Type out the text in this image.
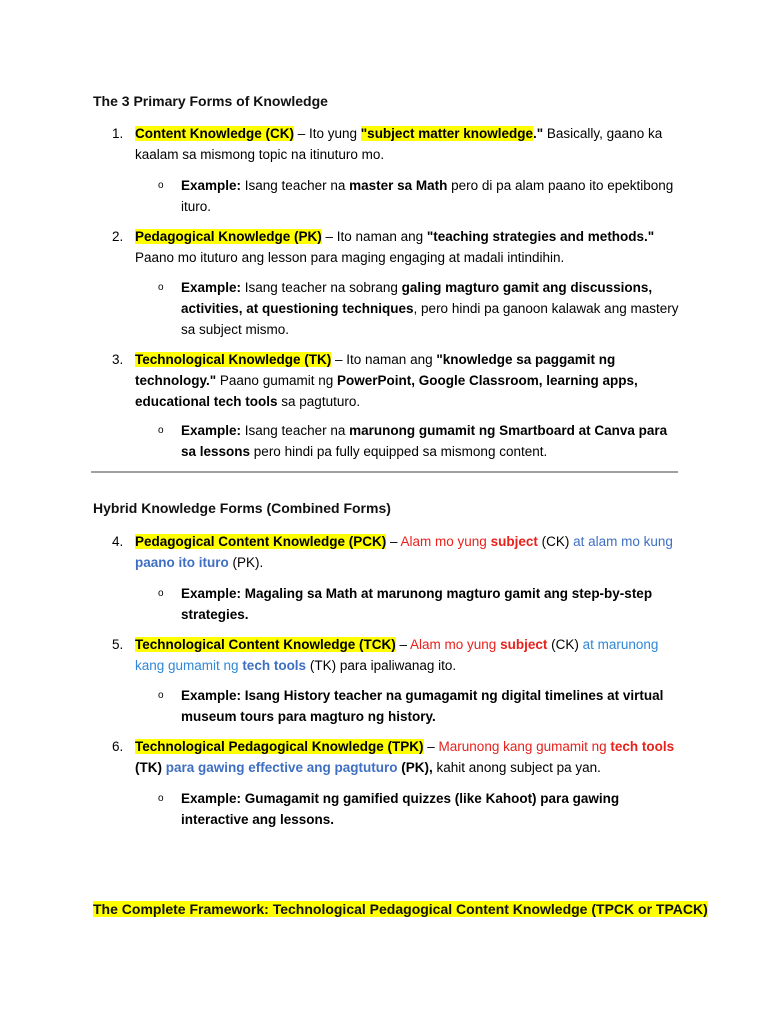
The 3 Primary Forms of Knowledge
1. Content Knowledge (CK) – Ito yung "subject matter knowledge." Basically, gaano ka kaalam sa mismong topic na itinuturo mo.
o Example: Isang teacher na master sa Math pero di pa alam paano ito epektibong ituro.
2. Pedagogical Knowledge (PK) – Ito naman ang "teaching strategies and methods." Paano mo ituturo ang lesson para maging engaging at madali intindihin.
o Example: Isang teacher na sobrang galing magturo gamit ang discussions, activities, at questioning techniques, pero hindi pa ganoon kalawak ang mastery sa subject mismo.
3. Technological Knowledge (TK) – Ito naman ang "knowledge sa paggamit ng technology." Paano gumamit ng PowerPoint, Google Classroom, learning apps, educational tech tools sa pagtuturo.
o Example: Isang teacher na marunong gumamit ng Smartboard at Canva para sa lessons pero hindi pa fully equipped sa mismong content.
Hybrid Knowledge Forms (Combined Forms)
4. Pedagogical Content Knowledge (PCK) – Alam mo yung subject (CK) at alam mo kung paano ito ituro (PK).
o Example: Magaling sa Math at marunong magturo gamit ang step-by-step strategies.
5. Technological Content Knowledge (TCK) – Alam mo yung subject (CK) at marunong kang gumamit ng tech tools (TK) para ipaliwanag ito.
o Example: Isang History teacher na gumagamit ng digital timelines at virtual museum tours para magturo ng history.
6. Technological Pedagogical Knowledge (TPK) – Marunong kang gumamit ng tech tools (TK) para gawing effective ang pagtuturo (PK), kahit anong subject pa yan.
o Example: Gumagamit ng gamified quizzes (like Kahoot) para gawing interactive ang lessons.
The Complete Framework: Technological Pedagogical Content Knowledge (TPCK or TPACK)
